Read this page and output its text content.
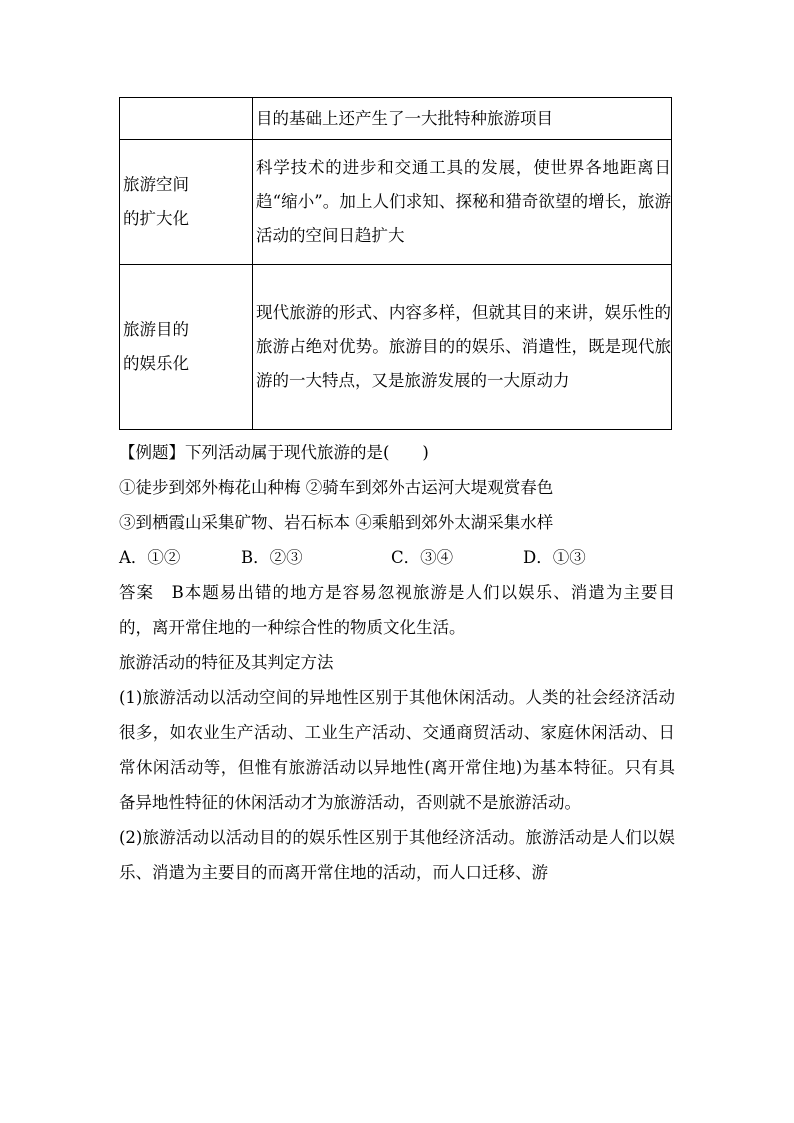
	目的基础上还产生了一大批特种旅游项目
旅游空间
的扩大化	科学技术的进步和交通工具的发展，使世界各地距离日趋“缩小”。加上人们求知、探秘和猎奇欲望的增长，旅游活动的空间日趋扩大
旅游目的
的娱乐化	现代旅游的形式、内容多样，但就其目的来讲，娱乐性的旅游占绝对优势。旅游目的的娱乐、消遣性，既是现代旅游的一大特点，又是旅游发展的一大原动力

【例题】下列活动属于现代旅游的是(　　)

①徒步到郊外梅花山种梅 ②骑车到郊外古运河大堤观赏春色

③到栖霞山采集矿物、岩石标本 ④乘船到郊外太湖采集水样

A．①②	B．②③	C．③④	D．①③

答案　B本题易出错的地方是容易忽视旅游是人们以娱乐、消遣为主要目的，离开常住地的一种综合性的物质文化生活。

旅游活动的特征及其判定方法

(1)旅游活动以活动空间的异地性区别于其他休闲活动。人类的社会经济活动很多，如农业生产活动、工业生产活动、交通商贸活动、家庭休闲活动、日常休闲活动等，但惟有旅游活动以异地性(离开常住地)为基本特征。只有具备异地性特征的休闲活动才为旅游活动，否则就不是旅游活动。

(2)旅游活动以活动目的的娱乐性区别于其他经济活动。旅游活动是人们以娱乐、消遣为主要目的而离开常住地的活动，而人口迁移、游
